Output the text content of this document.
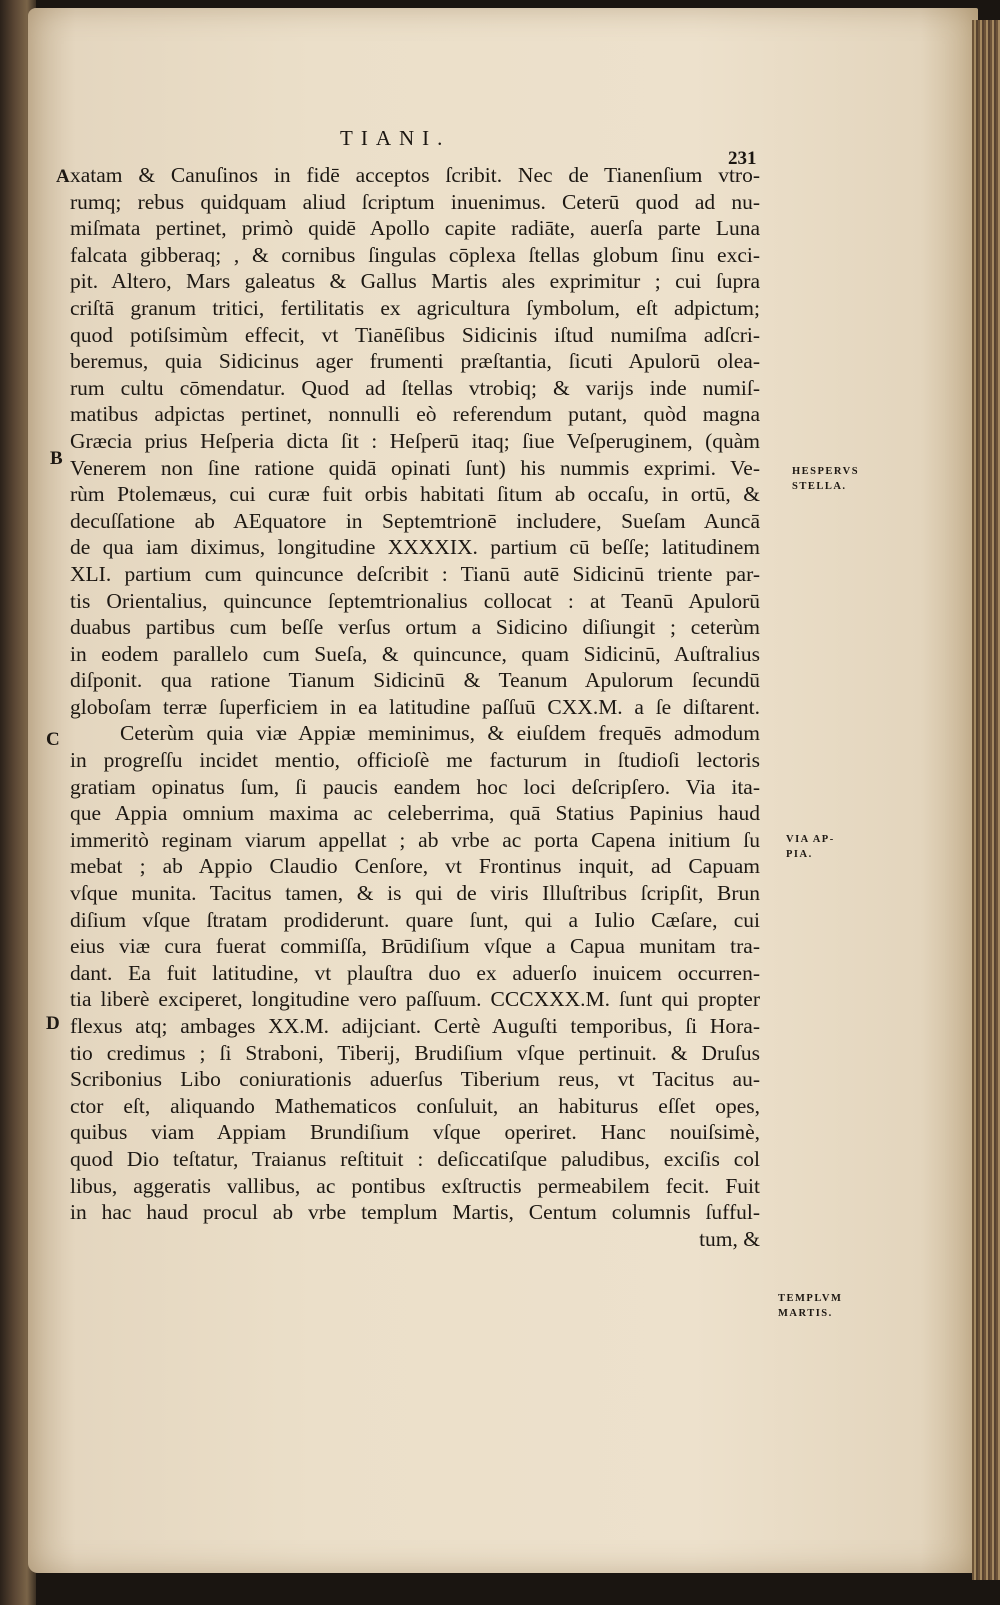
TIANI.
231
A
B
C
D
HESPERVS
STELLA.
VIA AP-
PIA.
TEMPLVM
MARTIS.
xatam & Canuſinos in fidē acceptos ſcribit. Nec de Tianenſium vtro-
rumq; rebus quidquam aliud ſcriptum inuenimus. Ceterū quod ad nu-
miſmata pertinet, primò quidē Apollo capite radiāte, auerſa parte Luna
falcata gibberaq; , & cornibus ſingulas cōplexa ſtellas globum ſinu exci-
pit. Altero, Mars galeatus & Gallus Martis ales exprimitur ; cui ſupra
criſtā granum tritici, fertilitatis ex agricultura ſymbolum, eſt adpictum;
quod potiſsimùm effecit, vt Tianēſibus Sidicinis iſtud numiſma adſcri-
beremus, quia Sidicinus ager frumenti præſtantia, ſicuti Apulorū olea-
rum cultu cōmendatur. Quod ad ſtellas vtrobiq; & varijs inde numiſ-
matibus adpictas pertinet, nonnulli eò referendum putant, quòd magna
Græcia prius Heſperia dicta ſit : Heſperū itaq; ſiue Veſperuginem, (quàm
Venerem non ſine ratione quidā opinati ſunt) his nummis exprimi. Ve-
rùm Ptolemæus, cui curæ fuit orbis habitati ſitum ab occaſu, in ortū, &
decuſſatione ab AEquatore in Septemtrionē includere, Sueſam Auncā
de qua iam diximus, longitudine XXXXIX. partium cū beſſe; latitudinem
XLI. partium cum quincunce deſcribit : Tianū autē Sidicinū triente par-
tis Orientalius, quincunce ſeptemtrionalius collocat : at Teanū Apulorū
duabus partibus cum beſſe verſus ortum a Sidicino diſiungit ; ceterùm
in eodem parallelo cum Sueſa, & quincunce, quam Sidicinū, Auſtralius
diſponit. qua ratione Tianum Sidicinū & Teanum Apulorum ſecundū
globoſam terræ ſuperficiem in ea latitudine paſſuū CXX.M. a ſe diſtarent.
Ceterùm quia viæ Appiæ meminimus, & eiuſdem frequēs admodum
in progreſſu incidet mentio, officioſè me facturum in ſtudioſi lectoris
gratiam opinatus ſum, ſi paucis eandem hoc loci deſcripſero. Via ita-
que Appia omnium maxima ac celeberrima, quā Statius Papinius haud
immeritò reginam viarum appellat ; ab vrbe ac porta Capena initium ſu
mebat ; ab Appio Claudio Cenſore, vt Frontinus inquit, ad Capuam
vſque munita. Tacitus tamen, & is qui de viris Illuſtribus ſcripſit, Brun
diſium vſque ſtratam prodiderunt. quare ſunt, qui a Iulio Cæſare, cui
eius viæ cura fuerat commiſſa, Brūdiſium vſque a Capua munitam tra-
dant. Ea fuit latitudine, vt plauſtra duo ex aduerſo inuicem occurren-
tia liberè exciperet, longitudine vero paſſuum. CCCXXX.M. ſunt qui propter
flexus atq; ambages XX.M. adijciant. Certè Auguſti temporibus, ſi Hora-
tio credimus ; ſi Straboni, Tiberij, Brudiſium vſque pertinuit. & Druſus
Scribonius Libo coniurationis aduerſus Tiberium reus, vt Tacitus au-
ctor eſt, aliquando Mathematicos conſuluit, an habiturus eſſet opes,
quibus viam Appiam Brundiſium vſque operiret. Hanc nouiſsimè,
quod Dio teſtatur, Traianus reſtituit : deſiccatiſque paludibus, exciſis col
libus, aggeratis vallibus, ac pontibus exſtructis permeabilem fecit. Fuit
in hac haud procul ab vrbe templum Martis, Centum columnis ſufful-
tum, &
